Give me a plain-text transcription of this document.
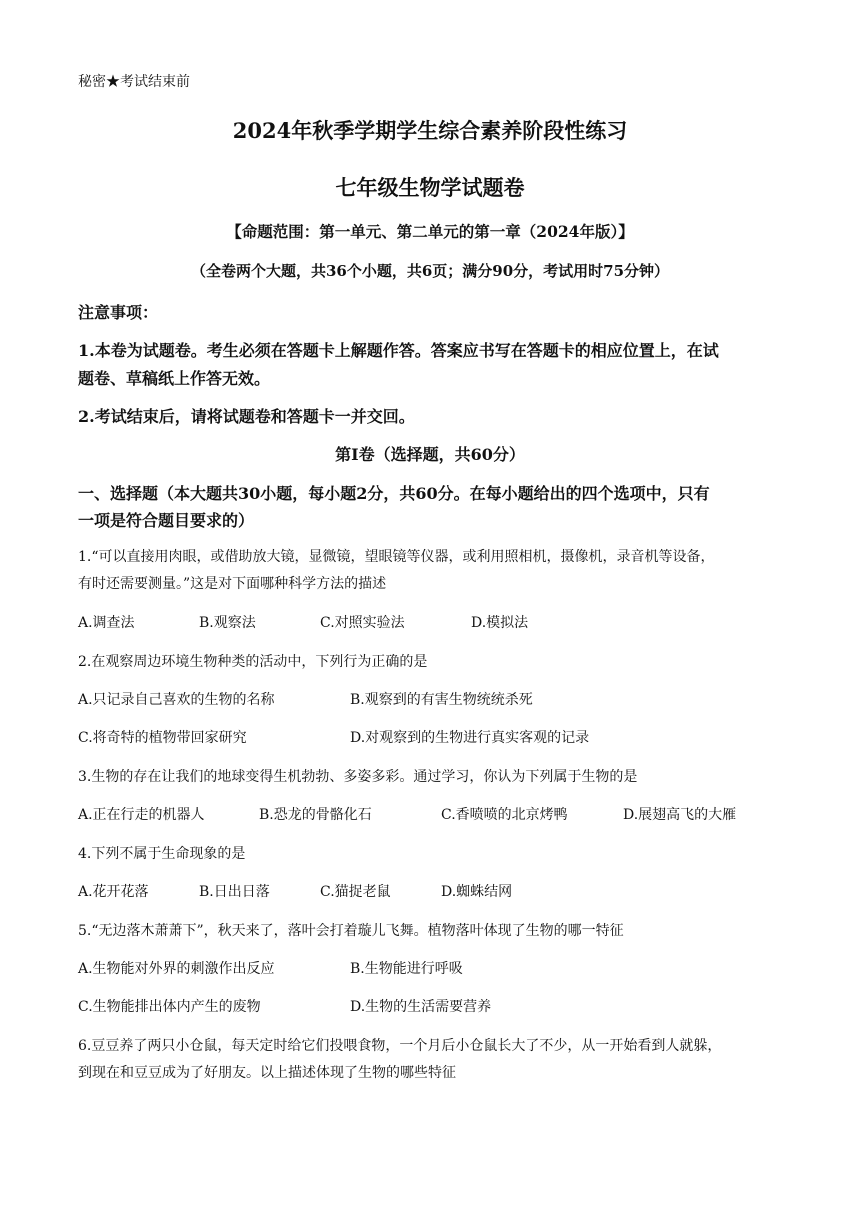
秘密★考试结束前
2024年秋季学期学生综合素养阶段性练习
七年级生物学试题卷
【命题范围：第一单元、第二单元的第一章（2024年版）】
（全卷两个大题，共36个小题，共6页；满分90分，考试用时75分钟）
注意事项：
1.本卷为试题卷。考生必须在答题卡上解题作答。答案应书写在答题卡的相应位置上，在试
题卷、草稿纸上作答无效。
2.考试结束后，请将试题卷和答题卡一并交回。
第Ⅰ卷（选择题，共60分）
一、选择题（本大题共30小题，每小题2分，共60分。在每小题给出的四个选项中，只有
一项是符合题目要求的）
1.“可以直接用肉眼，或借助放大镜，显微镜，望眼镜等仪器，或利用照相机，摄像机，录音机等设备，
有时还需要测量。”这是对下面哪种科学方法的描述
A.调查法	B.观察法	C.对照实验法	D.模拟法
2.在观察周边环境生物种类的活动中，下列行为正确的是
A.只记录自己喜欢的生物的名称	B.观察到的有害生物统统杀死
C.将奇特的植物带回家研究	D.对观察到的生物进行真实客观的记录
3.生物的存在让我们的地球变得生机勃勃、多姿多彩。通过学习，你认为下列属于生物的是
A.正在行走的机器人	B.恐龙的骨骼化石	C.香喷喷的北京烤鸭	D.展翅高飞的大雁
4.下列不属于生命现象的是
A.花开花落	B.日出日落	C.猫捉老鼠	D.蜘蛛结网
5.“无边落木萧萧下”，秋天来了，落叶会打着璇儿飞舞。植物落叶体现了生物的哪一特征
A.生物能对外界的刺激作出反应	B.生物能进行呼吸
C.生物能排出体内产生的废物	D.生物的生活需要营养
6.豆豆养了两只小仓鼠，每天定时给它们投喂食物，一个月后小仓鼠长大了不少，从一开始看到人就躲，
到现在和豆豆成为了好朋友。以上描述体现了生物的哪些特征
